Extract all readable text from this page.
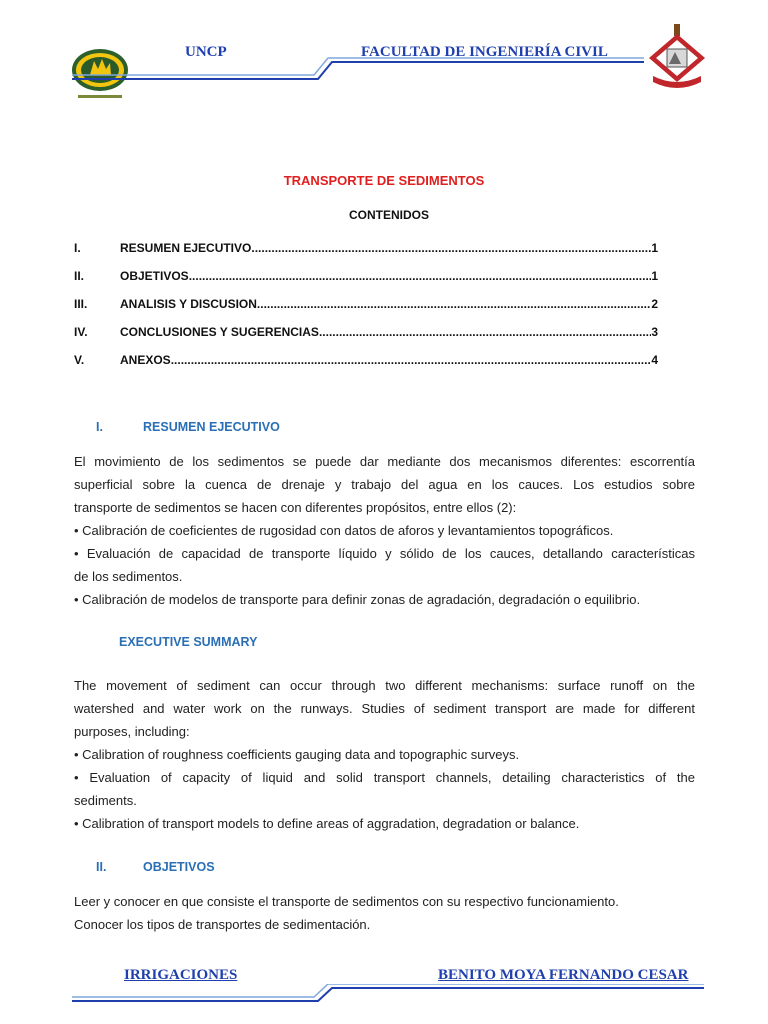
UNCP	FACULTAD DE INGENIERÍA CIVIL
TRANSPORTE DE SEDIMENTOS
CONTENIDOS
I.	RESUMEN EJECUTIVO .....	1
II.	OBJETIVOS .....	1
III.	ANALISIS Y DISCUSION .....	2
IV.	CONCLUSIONES Y SUGERENCIAS .....	3
V.	ANEXOS .....	4
I.	RESUMEN EJECUTIVO
El movimiento de los sedimentos se puede dar mediante dos mecanismos diferentes: escorrentía
superficial sobre la cuenca de drenaje y trabajo del agua en los cauces. Los estudios sobre
transporte de sedimentos se hacen con diferentes propósitos, entre ellos (2):
• Calibración de coeficientes de rugosidad con datos de aforos y levantamientos topográficos.
• Evaluación de capacidad de transporte líquido y sólido de los cauces, detallando características
de los sedimentos.
• Calibración de modelos de transporte para definir zonas de agradación, degradación o equilibrio.
EXECUTIVE SUMMARY
The movement of sediment can occur through two different mechanisms: surface runoff on the
watershed and water work on the runways. Studies of sediment transport are made for different
purposes, including:
• Calibration of roughness coefficients gauging data and topographic surveys.
• Evaluation of capacity of liquid and solid transport channels, detailing characteristics of the
sediments.
• Calibration of transport models to define areas of aggradation, degradation or balance.
II.	OBJETIVOS
Leer y conocer en que consiste el transporte de sedimentos con su respectivo funcionamiento.
Conocer los tipos de transportes de sedimentación.
IRRIGACIONES	BENITO MOYA FERNANDO CESAR
